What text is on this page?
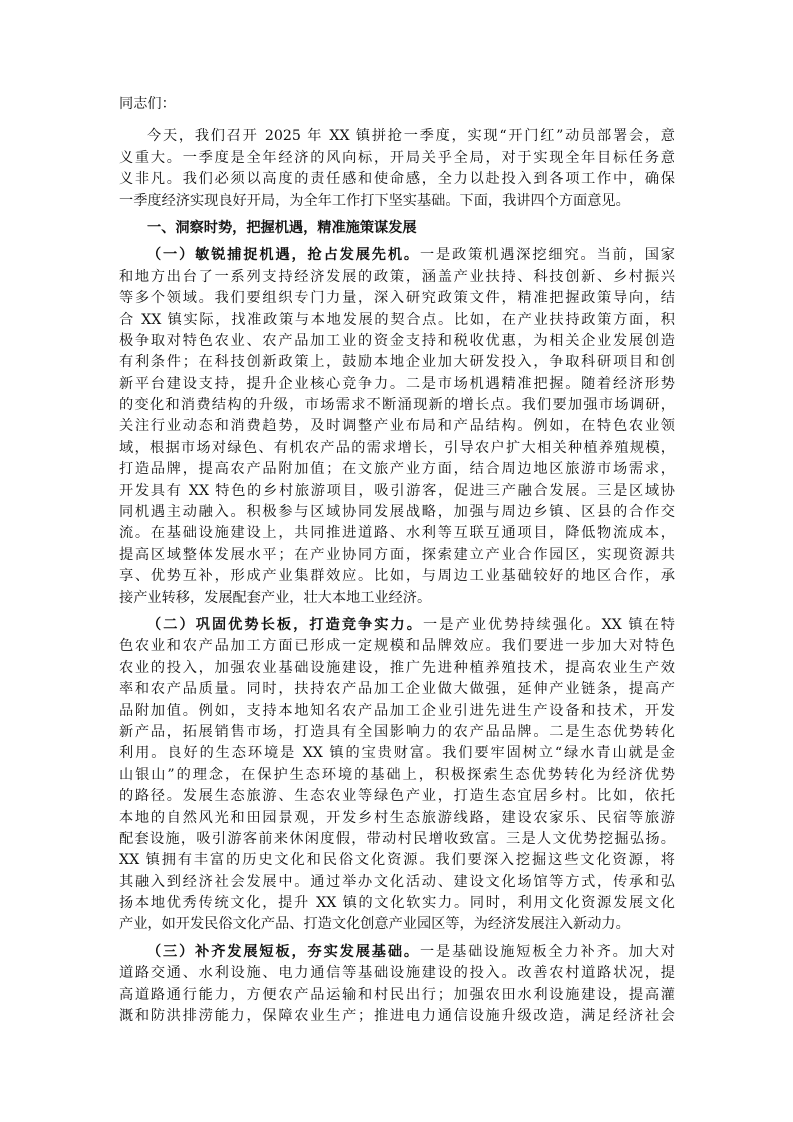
同志们：

今天，我们召开 2025 年 XX 镇拼抢一季度，实现“开门红”动员部署会，意

义重大。一季度是全年经济的风向标，开局关乎全局，对于实现全年目标任务意

义非凡。我们必须以高度的责任感和使命感，全力以赴投入到各项工作中，确保

一季度经济实现良好开局，为全年工作打下坚实基础。下面，我讲四个方面意见。

一、洞察时势，把握机遇，精准施策谋发展

（一）敏锐捕捉机遇，抢占发展先机。一是政策机遇深挖细究。当前，国家

和地方出台了一系列支持经济发展的政策，涵盖产业扶持、科技创新、乡村振兴

等多个领域。我们要组织专门力量，深入研究政策文件，精准把握政策导向，结

合 XX 镇实际，找准政策与本地发展的契合点。比如，在产业扶持政策方面，积

极争取对特色农业、农产品加工业的资金支持和税收优惠，为相关企业发展创造

有利条件；在科技创新政策上，鼓励本地企业加大研发投入，争取科研项目和创

新平台建设支持，提升企业核心竞争力。二是市场机遇精准把握。随着经济形势

的变化和消费结构的升级，市场需求不断涌现新的增长点。我们要加强市场调研，

关注行业动态和消费趋势，及时调整产业布局和产品结构。例如，在特色农业领

域，根据市场对绿色、有机农产品的需求增长，引导农户扩大相关种植养殖规模，

打造品牌，提高农产品附加值；在文旅产业方面，结合周边地区旅游市场需求，

开发具有 XX 特色的乡村旅游项目，吸引游客，促进三产融合发展。三是区域协

同机遇主动融入。积极参与区域协同发展战略，加强与周边乡镇、区县的合作交

流。在基础设施建设上，共同推进道路、水利等互联互通项目，降低物流成本，

提高区域整体发展水平；在产业协同方面，探索建立产业合作园区，实现资源共

享、优势互补，形成产业集群效应。比如，与周边工业基础较好的地区合作，承

接产业转移，发展配套产业，壮大本地工业经济。

（二）巩固优势长板，打造竞争实力。一是产业优势持续强化。XX 镇在特

色农业和农产品加工方面已形成一定规模和品牌效应。我们要进一步加大对特色

农业的投入，加强农业基础设施建设，推广先进种植养殖技术，提高农业生产效

率和农产品质量。同时，扶持农产品加工企业做大做强，延伸产业链条，提高产

品附加值。例如，支持本地知名农产品加工企业引进先进生产设备和技术，开发

新产品，拓展销售市场，打造具有全国影响力的农产品品牌。二是生态优势转化

利用。良好的生态环境是 XX 镇的宝贵财富。我们要牢固树立“绿水青山就是金

山银山”的理念，在保护生态环境的基础上，积极探索生态优势转化为经济优势

的路径。发展生态旅游、生态农业等绿色产业，打造生态宜居乡村。比如，依托

本地的自然风光和田园景观，开发乡村生态旅游线路，建设农家乐、民宿等旅游

配套设施，吸引游客前来休闲度假，带动村民增收致富。三是人文优势挖掘弘扬。

XX 镇拥有丰富的历史文化和民俗文化资源。我们要深入挖掘这些文化资源，将

其融入到经济社会发展中。通过举办文化活动、建设文化场馆等方式，传承和弘

扬本地优秀传统文化，提升 XX 镇的文化软实力。同时，利用文化资源发展文化

产业，如开发民俗文化产品、打造文化创意产业园区等，为经济发展注入新动力。

（三）补齐发展短板，夯实发展基础。一是基础设施短板全力补齐。加大对

道路交通、水利设施、电力通信等基础设施建设的投入。改善农村道路状况，提

高道路通行能力，方便农产品运输和村民出行；加强农田水利设施建设，提高灌

溉和防洪排涝能力，保障农业生产；推进电力通信设施升级改造，满足经济社会
